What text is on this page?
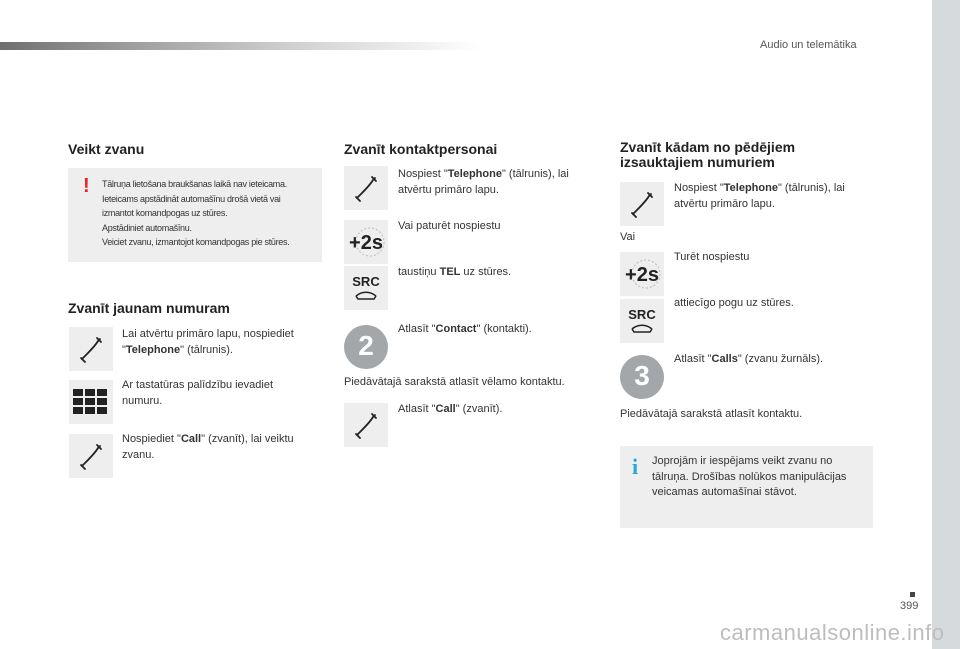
Audio un telemātika
Veikt zvanu
! Tālruņa lietošana braukšanas laikā nav ieteicama.
Ieteicams apstādināt automašīnu drošā vietā vai
izmantot komandpogas uz stūres.
Apstādiniet automašīnu.
Veiciet zvanu, izmantojot komandpogas pie stūres.
Zvanīt jaunam numuram
Lai atvērtu primāro lapu, nospiediet "Telephone" (tālrunis).
Ar tastatūras palīdzību ievadiet numuru.
Nospiediet "Call" (zvanīt), lai veiktu zvanu.
Zvanīt kontaktpersonai
Nospiest "Telephone" (tālrunis), lai atvērtu primāro lapu.
+2s
Vai paturēt nospiestu
SRC
taustiņu TEL uz stūres.
2
Atlasīt "Contact" (kontakti).
Piedāvātajā sarakstā atlasīt vēlamo kontaktu.
Atlasīt "Call" (zvanīt).
Zvanīt kādam no pēdējiem
izsauktajiem numuriem
Nospiest "Telephone" (tālrunis), lai atvērtu primāro lapu.
Vai
+2s
Turēt nospiestu
SRC
attiecīgo pogu uz stūres.
3
Atlasīt "Calls" (zvanu žurnāls).
Piedāvātajā sarakstā atlasīt kontaktu.
i Joprojām ir iespējams veikt zvanu no tālruņa. Drošības nolūkos manipulācijas veicamas automašīnai stāvot.
399
carmanualsonline.info
